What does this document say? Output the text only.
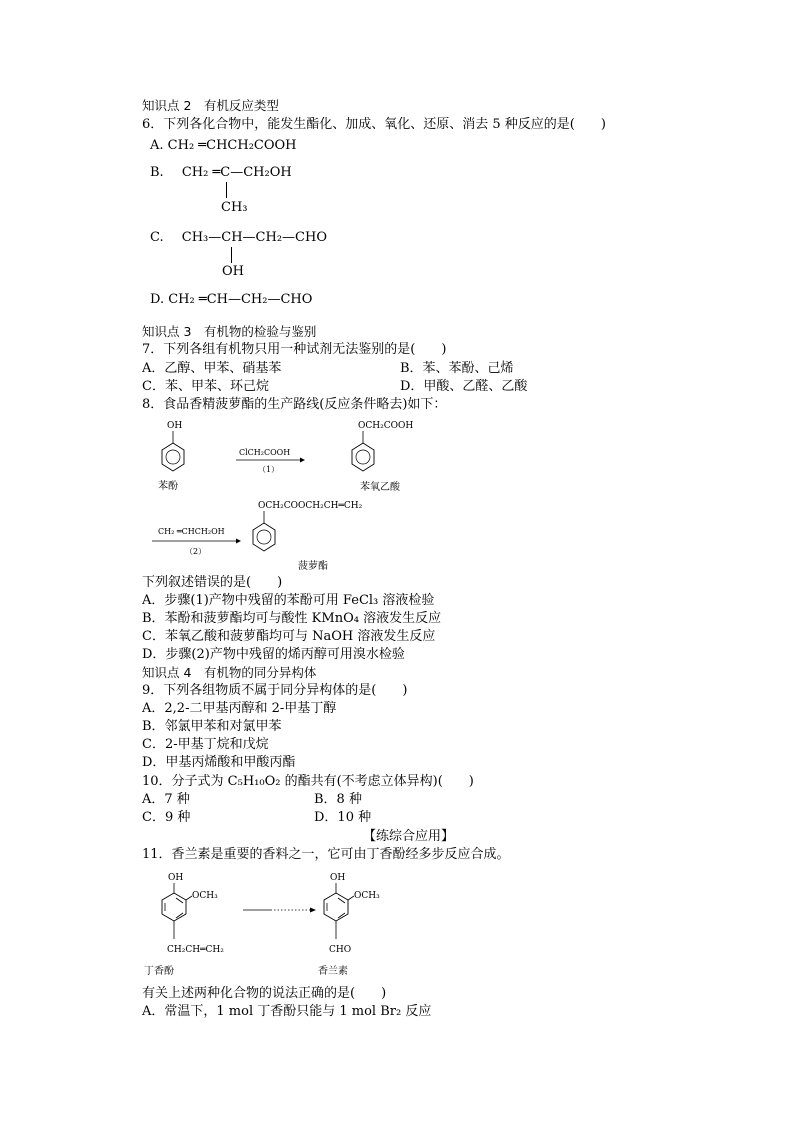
知识点 2　有机反应类型
6．下列各化合物中，能发生酯化、加成、氧化、还原、消去 5 种反应的是(　　)
A. CH₂ ═CHCH₂COOH
B. CH₂ ═C—CH₂OH
CH₃
C. CH₃—CH—CH₂—CHO
OH
D. CH₂ ═CH—CH₂—CHO
知识点 3　有机物的检验与鉴别
7．下列各组有机物只用一种试剂无法鉴别的是(　　)
A．乙醇、甲苯、硝基苯	B．苯、苯酚、己烯
C．苯、甲苯、环己烷	D．甲酸、乙醛、乙酸
8．食品香精菠萝酯的生产路线(反应条件略去)如下：
OH
苯酚
ClCH₂COOH
（1）
OCH₂COOH
苯氧乙酸
CH₂ ═CHCH₂OH
（2）
OCH₂COOCH₂CH═CH₂
菠萝酯
下列叙述错误的是(　　)
A．步骤(1)产物中残留的苯酚可用 FeCl₃ 溶液检验
B．苯酚和菠萝酯均可与酸性 KMnO₄ 溶液发生反应
C．苯氧乙酸和菠萝酯均可与 NaOH 溶液发生反应
D．步骤(2)产物中残留的烯丙醇可用溴水检验
知识点 4　有机物的同分异构体
9．下列各组物质不属于同分异构体的是(　　)
A．2,2-二甲基丙醇和 2-甲基丁醇
B．邻氯甲苯和对氯甲苯
C．2-甲基丁烷和戊烷
D．甲基丙烯酸和甲酸丙酯
10．分子式为 C₅H₁₀O₂ 的酯共有(不考虑立体异构)(　　)
A．7 种	B．8 种
C．9 种	D．10 种
【练综合应用】
11．香兰素是重要的香料之一，它可由丁香酚经多步反应合成。
OH
OCH₃
CH₂CH═CH₂
丁香酚
OH
OCH₃
CHO
香兰素
有关上述两种化合物的说法正确的是(　　)
A．常温下，1 mol 丁香酚只能与 1 mol Br₂ 反应
